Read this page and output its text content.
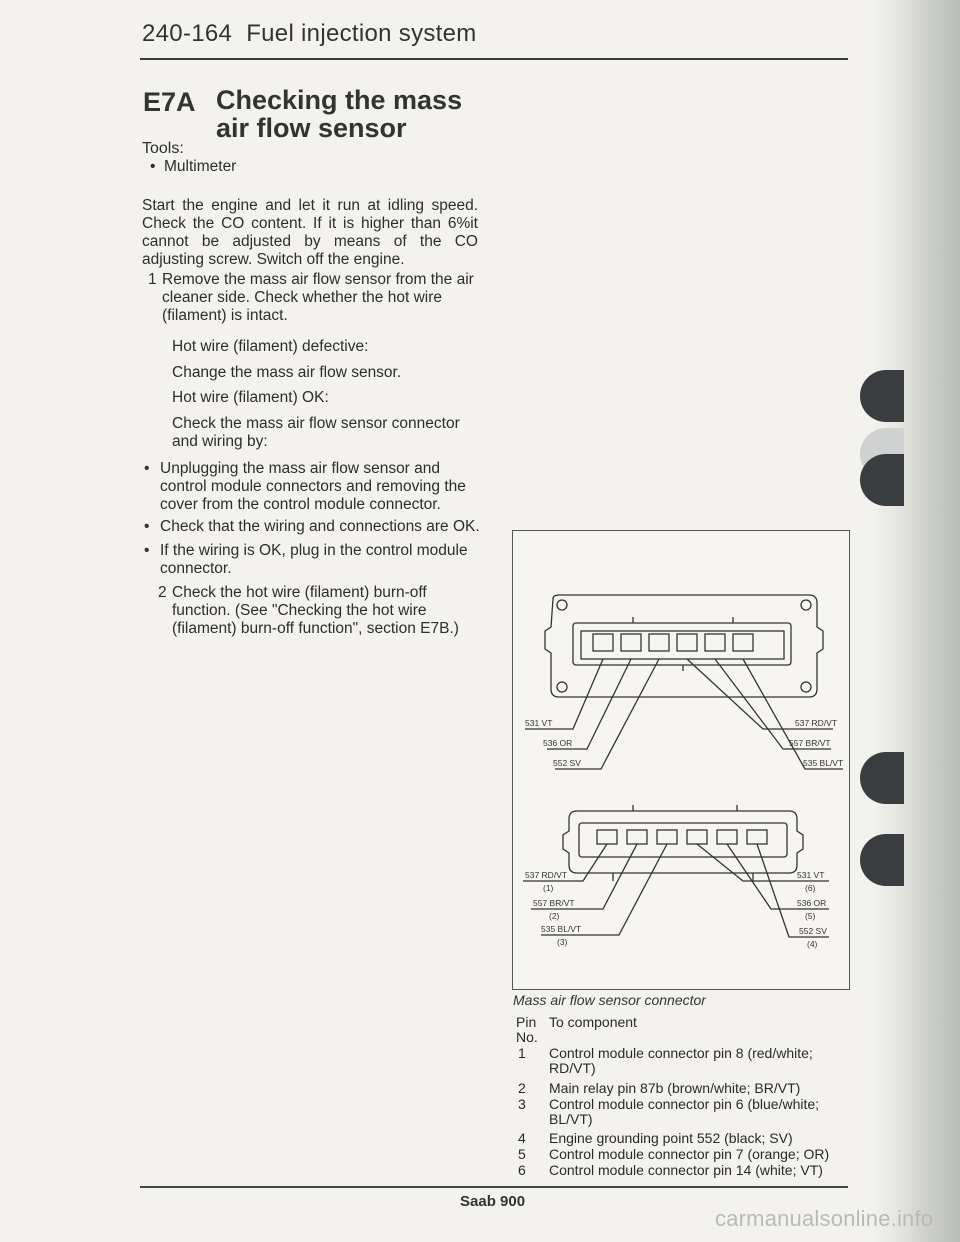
240-164 Fuel injection system
E7A Checking the mass air flow sensor
Tools:
• Multimeter
Start the engine and let it run at idling speed. Check the CO content. If it is higher than 6%it cannot be adjusted by means of the CO adjusting screw. Switch off the engine.
1 Remove the mass air flow sensor from the air cleaner side. Check whether the hot wire (filament) is intact.
Hot wire (filament) defective:
Change the mass air flow sensor.
Hot wire (filament) OK:
Check the mass air flow sensor connector and wiring by:
• Unplugging the mass air flow sensor and control module connectors and removing the cover from the control module connector.
• Check that the wiring and connections are OK.
• If the wiring is OK, plug in the control module connector.
2 Check the hot wire (filament) burn-off function. (See "Checking the hot wire (filament) burn-off function", section E7B.)
531 VT
536 OR
552 SV
537 RD/VT
557 BR/VT
535 BL/VT
537 RD/VT
(1)
557 BR/VT
(2)
535 BL/VT
(3)
531 VT
(6)
536 OR
(5)
552 SV
(4)
Mass air flow sensor connector
Pin No.
To component
1 Control module connector pin 8 (red/white; RD/VT)
2 Main relay pin 87b (brown/white; BR/VT)
3 Control module connector pin 6 (blue/white; BL/VT)
4 Engine grounding point 552 (black; SV)
5 Control module connector pin 7 (orange; OR)
6 Control module connector pin 14 (white; VT)
Saab 900
carmanualsonline.info
